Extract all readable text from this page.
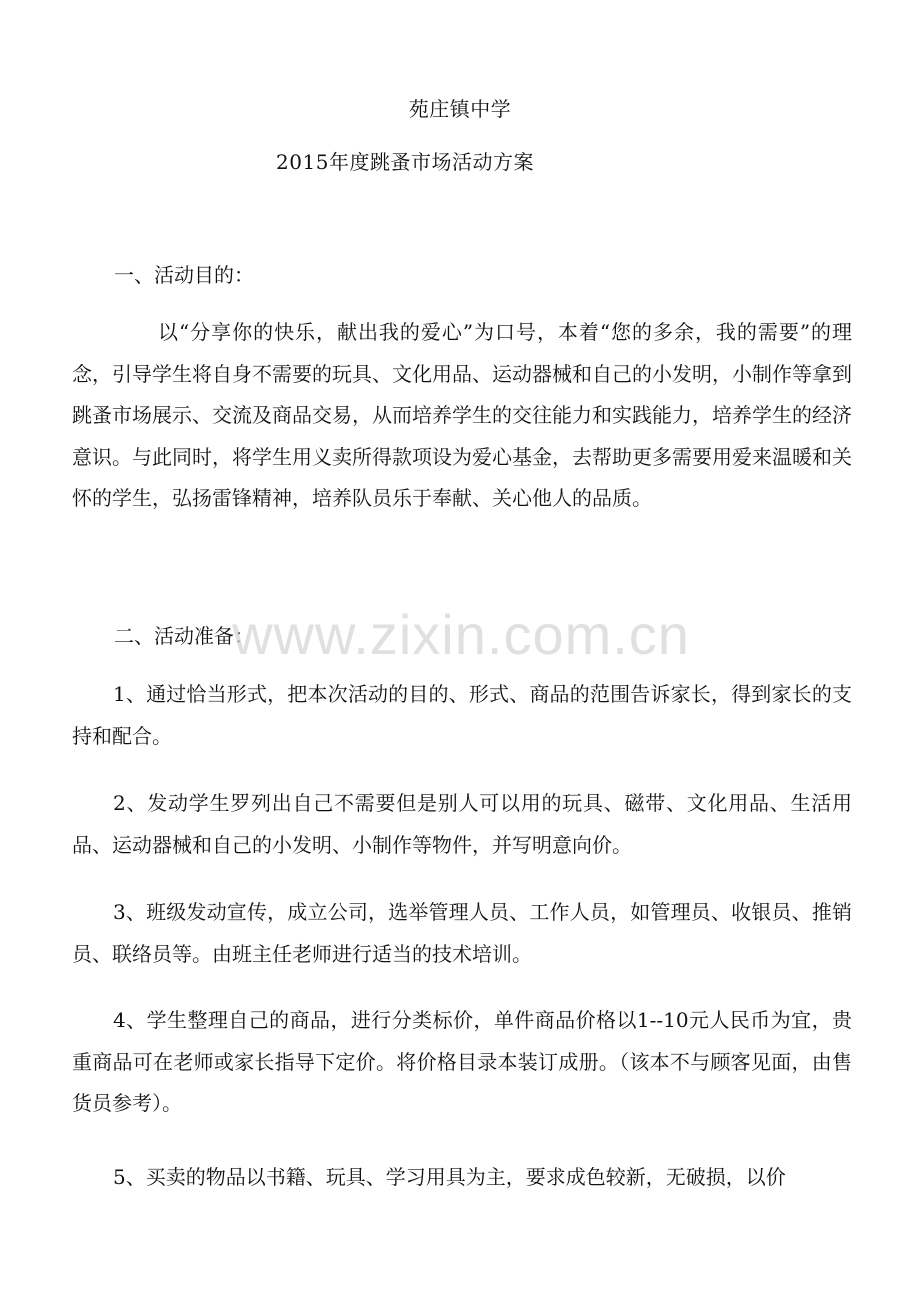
苑庄镇中学
2015年度跳蚤市场活动方案
一、活动目的：
以“分享你的快乐，献出我的爱心”为口号，本着“您的多余，我的需要”的理念，引导学生将自身不需要的玩具、文化用品、运动器械和自己的小发明，小制作等拿到跳蚤市场展示、交流及商品交易，从而培养学生的交往能力和实践能力，培养学生的经济意识。与此同时，将学生用义卖所得款项设为爱心基金，去帮助更多需要用爱来温暖和关怀的学生，弘扬雷锋精神，培养队员乐于奉献、关心他人的品质。
二、活动准备：
1、通过恰当形式，把本次活动的目的、形式、商品的范围告诉家长，得到家长的支持和配合。
2、发动学生罗列出自己不需要但是别人可以用的玩具、磁带、文化用品、生活用品、运动器械和自己的小发明、小制作等物件，并写明意向价。
3、班级发动宣传，成立公司，选举管理人员、工作人员，如管理员、收银员、推销员、联络员等。由班主任老师进行适当的技术培训。
4、学生整理自己的商品，进行分类标价，单件商品价格以1--10元人民币为宜，贵重商品可在老师或家长指导下定价。将价格目录本装订成册。（该本不与顾客见面，由售货员参考）。
5、买卖的物品以书籍、玩具、学习用具为主，要求成色较新，无破损，以价
www.zixin.com.cn
